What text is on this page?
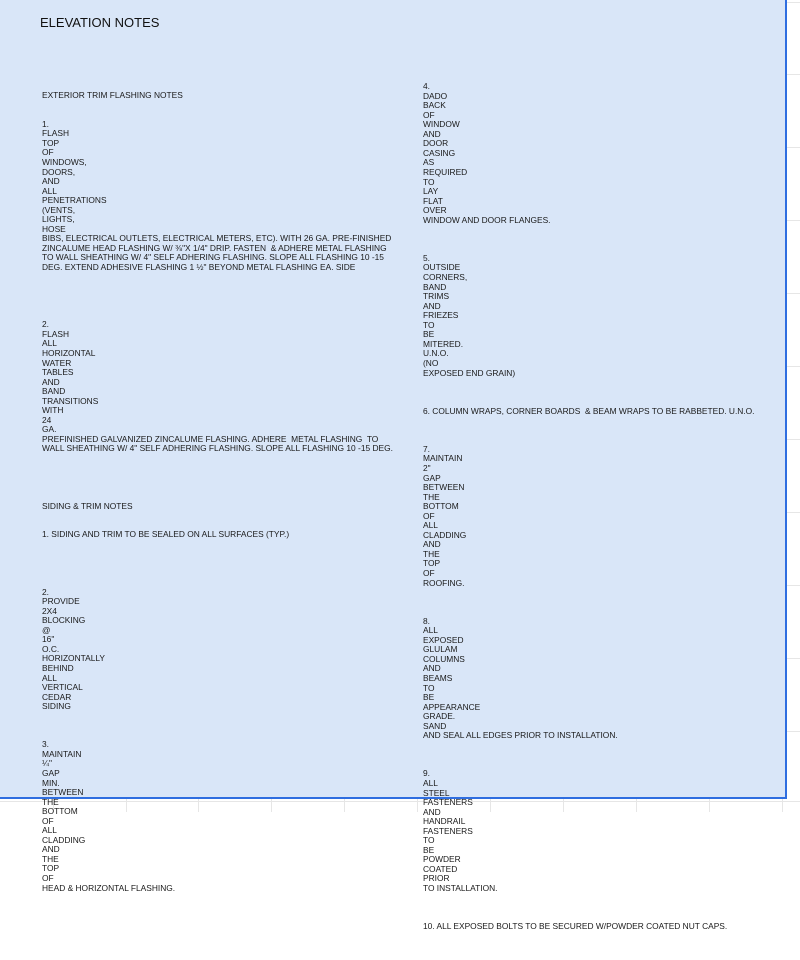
ELEVATION NOTES

EXTERIOR TRIM FLASHING NOTES

1.
FLASH
TOP
OF
WINDOWS,
DOORS,
AND
ALL
PENETRATIONS
(VENTS,
LIGHTS,
HOSE
BIBS, ELECTRICAL OUTLETS, ELECTRICAL METERS, ETC). WITH 26 GA. PRE-FINISHED
ZINCALUME HEAD FLASHING W/ ⅜"X 1/4" DRIP. FASTEN  & ADHERE METAL FLASHING
TO WALL SHEATHING W/ 4" SELF ADHERING FLASHING. SLOPE ALL FLASHING 10 -15
DEG. EXTEND ADHESIVE FLASHING 1 ½" BEYOND METAL FLASHING EA. SIDE

2.
FLASH
ALL
HORIZONTAL
WATER
TABLES
AND
BAND
TRANSITIONS
WITH
24
GA.
PREFINISHED GALVANIZED ZINCALUME FLASHING. ADHERE  METAL FLASHING  TO
WALL SHEATHING W/ 4" SELF ADHERING FLASHING. SLOPE ALL FLASHING 10 -15 DEG.

SIDING & TRIM NOTES

1. SIDING AND TRIM TO BE SEALED ON ALL SURFACES (TYP.)

2.
PROVIDE
2X4
BLOCKING
@
16"
O.C.
HORIZONTALLY
BEHIND
ALL
VERTICAL
CEDAR
SIDING

3.
MAINTAIN
¼"
GAP
MIN.
BETWEEN
THE
BOTTOM
OF
ALL
CLADDING
AND
THE
TOP
OF
HEAD & HORIZONTAL FLASHING.

4.
DADO
BACK
OF
WINDOW
AND
DOOR
CASING
AS
REQUIRED
TO
LAY
FLAT
OVER
WINDOW AND DOOR FLANGES.

5.
OUTSIDE
CORNERS,
BAND
TRIMS
AND
FRIEZES
TO
BE
MITERED.
U.N.O.
(NO
EXPOSED END GRAIN)

6. COLUMN WRAPS, CORNER BOARDS  & BEAM WRAPS TO BE RABBETED. U.N.O.

7.
MAINTAIN
2"
GAP
BETWEEN
THE
BOTTOM
OF
ALL
CLADDING
AND
THE
TOP
OF
ROOFING.

8.
ALL
EXPOSED
GLULAM
COLUMNS
AND
BEAMS
TO
BE
APPEARANCE
GRADE.
SAND
AND SEAL ALL EDGES PRIOR TO INSTALLATION.

9.
ALL
STEEL
FASTENERS
AND
HANDRAIL
FASTENERS
TO
BE
POWDER
COATED
PRIOR
TO INSTALLATION.

10. ALL EXPOSED BOLTS TO BE SECURED W/POWDER COATED NUT CAPS.
